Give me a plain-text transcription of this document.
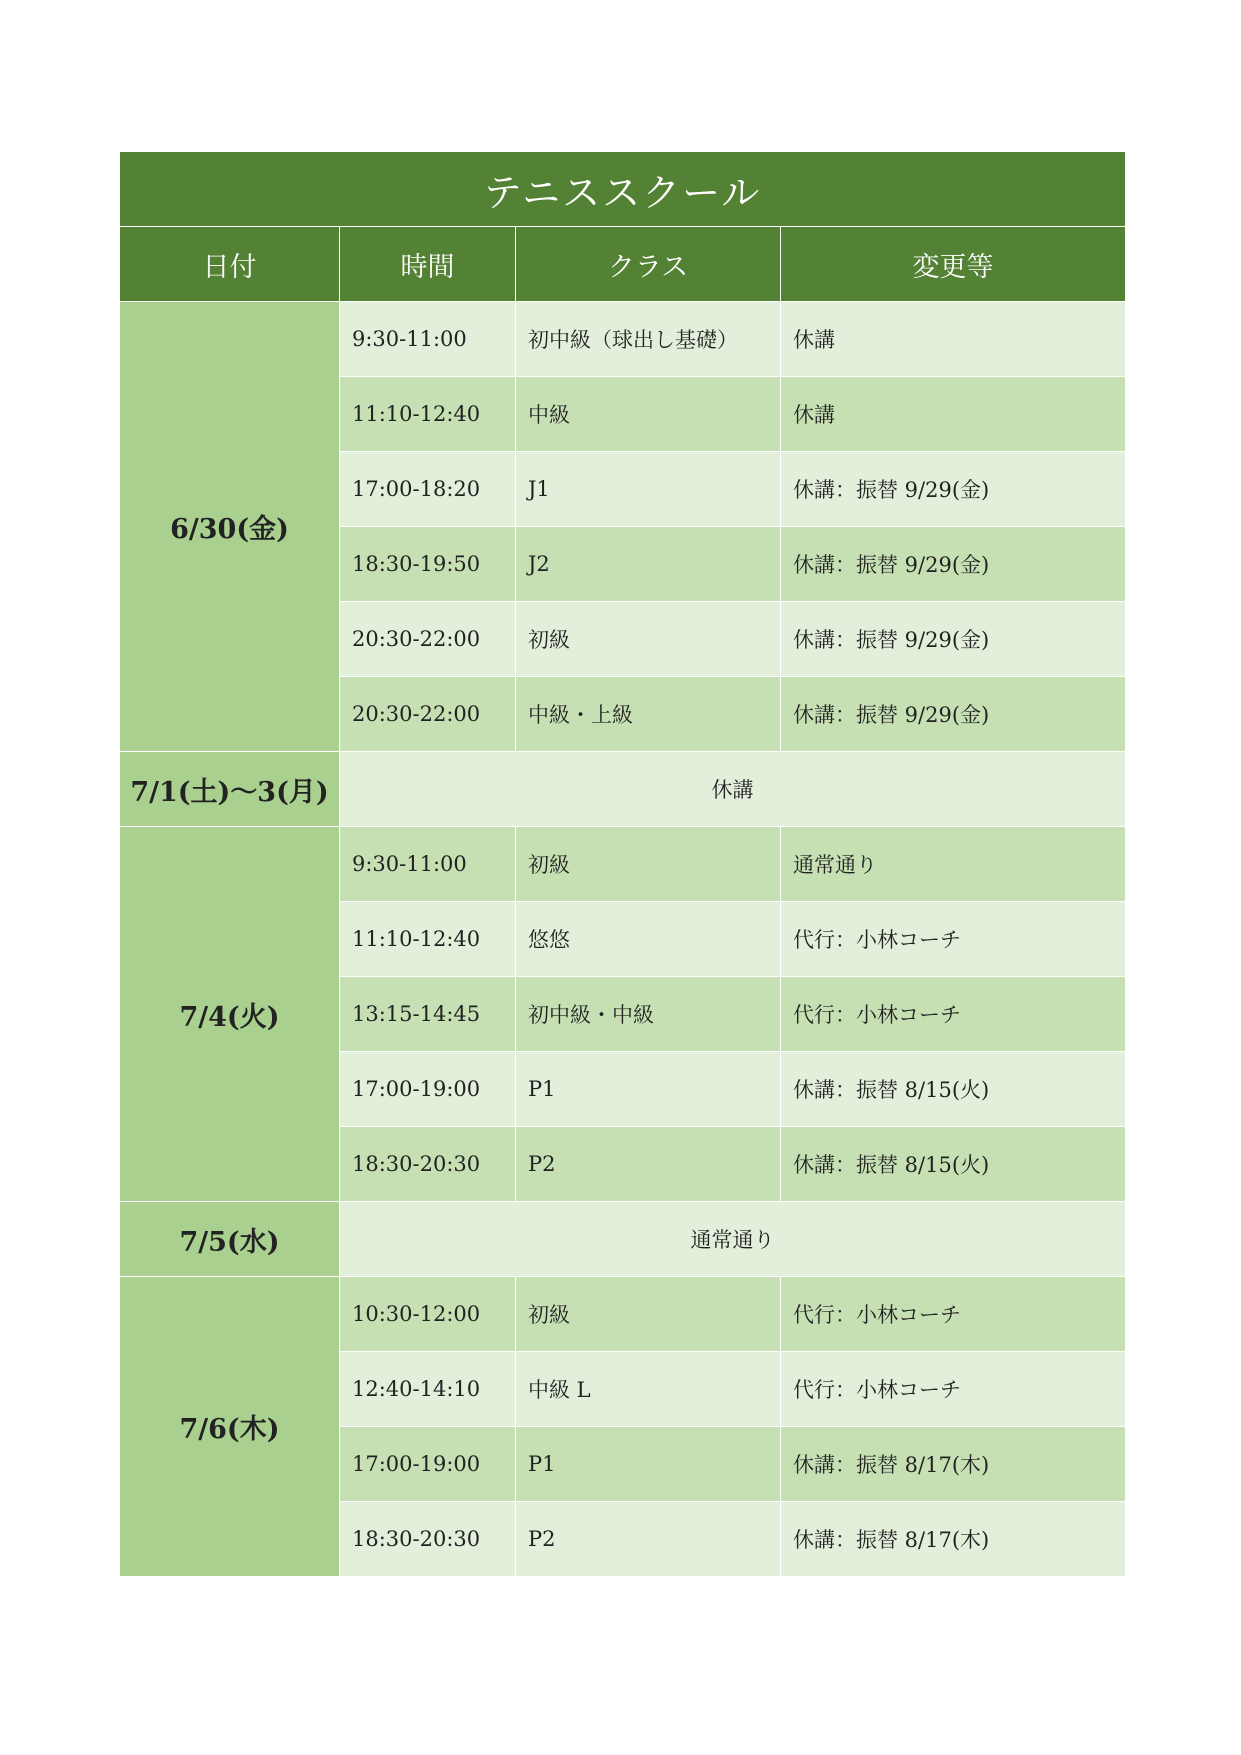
テニススクール			
日付	時間	クラス	変更等
6/30(金)	9:30-11:00	初中級（球出し基礎）	休講
	11:10-12:40	中級	休講
	17:00-18:20	J1	休講：振替 9/29(金)
	18:30-19:50	J2	休講：振替 9/29(金)
	20:30-22:00	初級	休講：振替 9/29(金)
	20:30-22:00	中級・上級	休講：振替 9/29(金)
7/1(土)～3(月)	休講		
7/4(火)	9:30-11:00	初級	通常通り
	11:10-12:40	悠悠	代行：小林コーチ
	13:15-14:45	初中級・中級	代行：小林コーチ
	17:00-19:00	P1	休講：振替 8/15(火)
	18:30-20:30	P2	休講：振替 8/15(火)
7/5(水)	通常通り		
7/6(木)	10:30-12:00	初級	代行：小林コーチ
	12:40-14:10	中級 L	代行：小林コーチ
	17:00-19:00	P1	休講：振替 8/17(木)
	18:30-20:30	P2	休講：振替 8/17(木)
